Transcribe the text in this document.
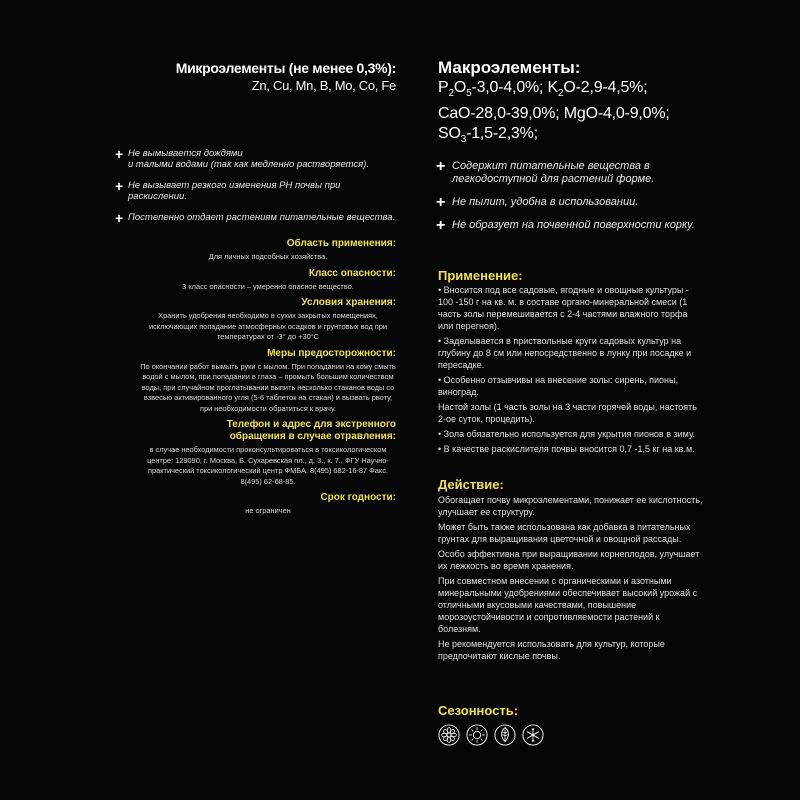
Микроэлементы (не менее 0,3%):
Zn, Cu, Mn, B, Mo, Co, Fe
+ Не вымывается дождями
и талыми водами (так как медленно растворяется).
+ Не вызывает резкого изменения PH почвы при раскислении.
+ Постепенно отдает растениям питательные вещества.
Область применения:

Для личных подсобных хозяйства.

Класс опасности:

3 класс опасности – умеренно опасное вещество.

Условия хранения:

Хранить удобрения необходимо в сухих закрытых помещениях, исключающих попадание атмосферных осадков и грунтовых вод при температурах от -3° до +30°С

Меры предосторожности:

По окончании работ вымыть руки с мылом. При попадании на кожу смыть водой с мылом, при попадании в глаза – промыть большим количеством воды, при случайном проглатывании выпить несколько стаканов воды со взвесью активированного угля (5-6 таблеток на стакан) и вызвать рвоту, при необходимости обратиться к врачу.

Телефон и адрес для экстренного
обращения в случае отравления:

в случае необходимости проконсультироваться в токсикологическом центре: 129090, г. Москва, Б. Сухаревская пл., д. 3., к. 7., ФГУ Научно-практический токсикологический центр ФМБА. 8(495) 682-16-87 Факс. 8(495) 62-68-85.

Срок годности:

не ограничен

Макроэлементы:
$P_2O_5-3,0-4,0\%$; $K_2O-2,9-4,5\%$;
CaO-28,0-39,0%; MgO-4,0-9,0%;
$SO_3-1,5-2,3\%$;
+ Содержит питательные вещества в
легкодоступной для растений форме.
+ Не пылит, удобна в использовании.
+ Не образует на почвенной поверхности корку.
Применение:
• Вносится под все садовые, ягодные и овощные культуры - 100 -150 г на кв. м. в составе органо-минеральной смеси (1 часть золы перемешивается с 2-4 частями влажного торфа или перегноя).
• Заделывается в приствольные круги садовых культур на глубину до 8 см или непосредственно в лунку при посадке и пересадке.
• Особенно отзывчивы на внесение золы: сирень, пионы, виноград.
Настой золы (1 часть золы на 3 части горячей воды, настоять 2-ое суток, процедить).
• Зола обязательно используется для укрытия пионов в зиму.
• В качестве раскислителя почвы вносится 0,7 -1,5 кг на кв.м.
Действие:
Обогащает почву микроэлементами, понижает ее кислотность, улучшает ее структуру.
Может быть также использована как добавка в питательных грунтах для выращивания цветочной и овощной рассады.
Особо эффективна при выращивании корнеплодов, улучшает их лежкость во время хранения.
При совместном внесении с органическими и азотными минеральными удобрениями обеспечивает высокий урожай с отличными вкусовыми качествами, повышение морозоустойчивости и сопротивляемости растений к болезням.
Не рекомендуется использовать для культур, которые предпочитают кислые почвы.
Сезонность:
